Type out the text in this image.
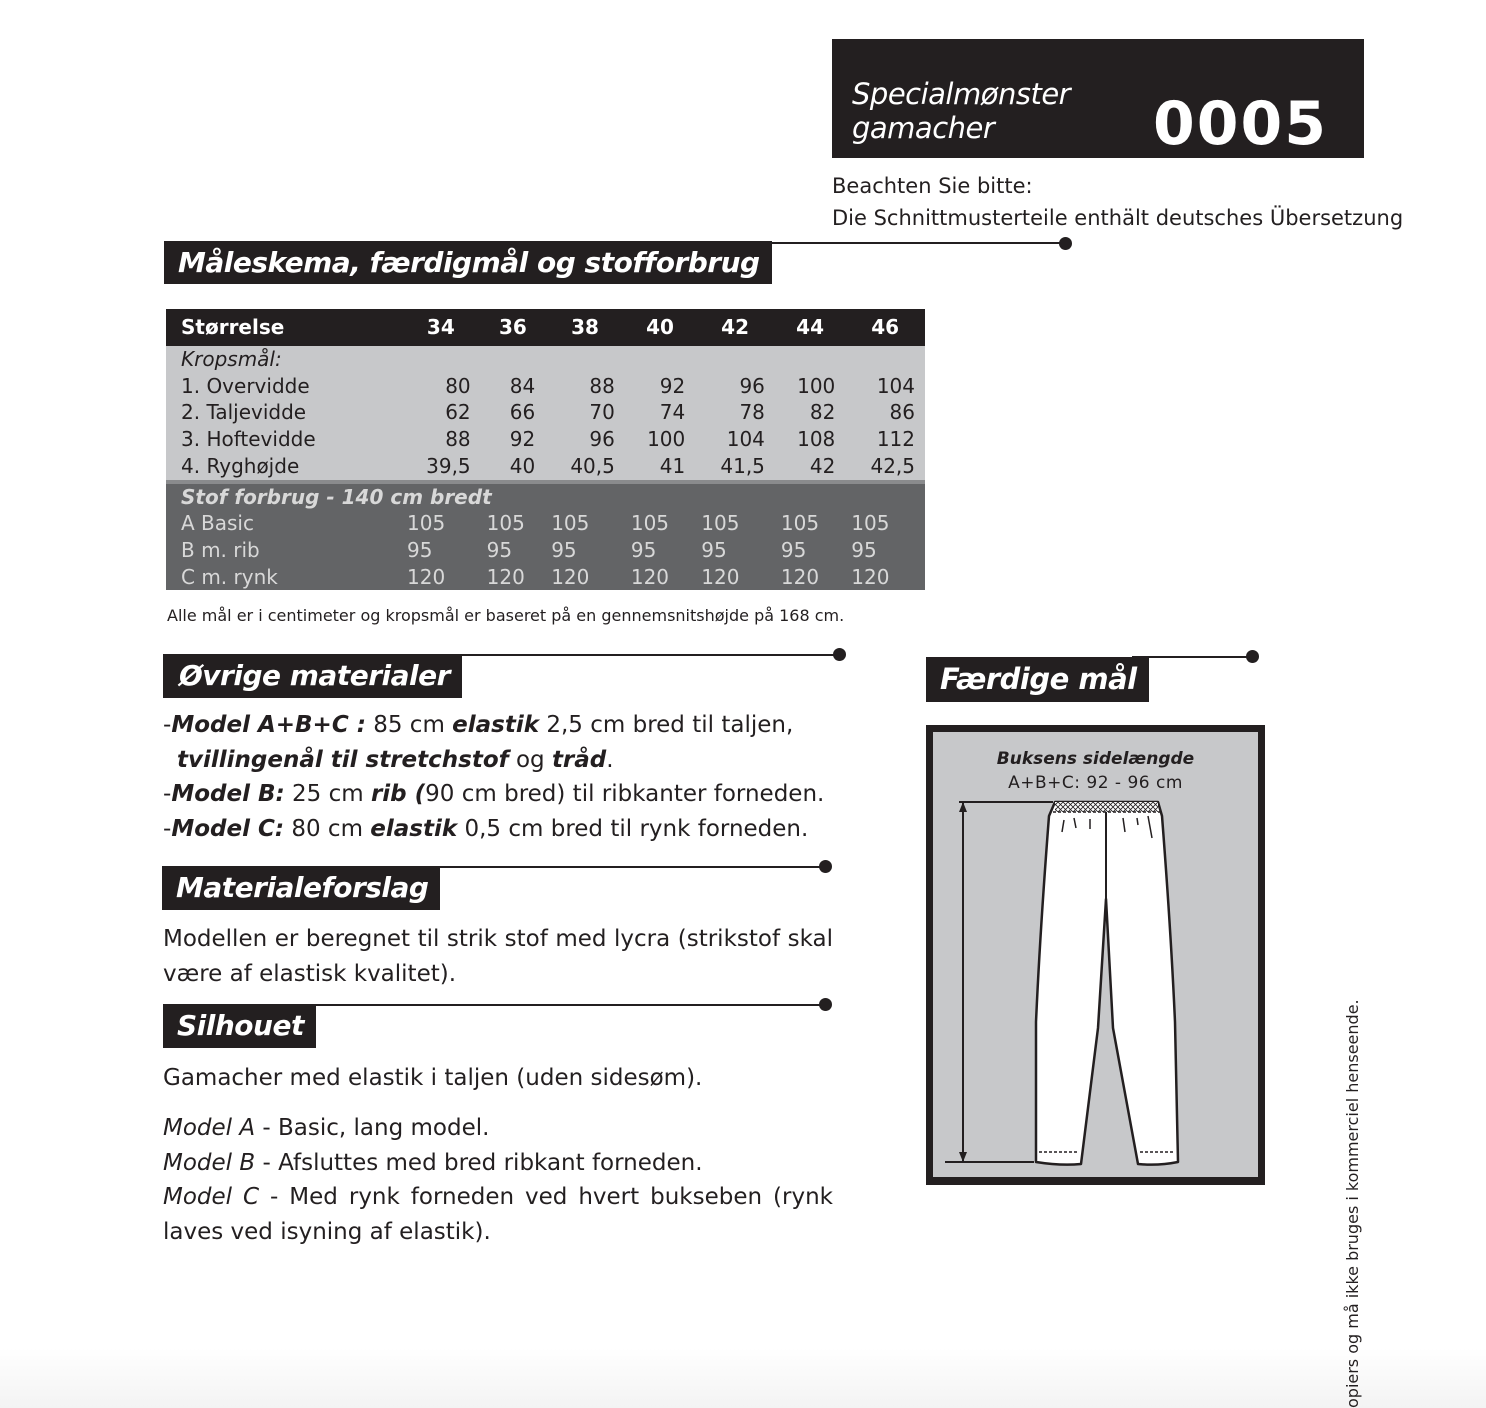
Specialmønster
gamacher	0005
Beachten Sie bitte:
Die Schnittmusterteile enthält deutsches Übersetzung
Måleskema, færdigmål og stofforbrug
Størrelse	34	36	38	40	42	44	46
Kropsmål:							
1. Overvidde	80	84	88	92	96	100	104
2. Taljevidde	62	66	70	74	78	82	86
3. Hoftevidde	88	92	96	100	104	108	112
4. Ryghøjde	39,5	40	40,5	41	41,5	42	42,5

Stof forbrug - 140 cm bredt							
A Basic	105	105	105	105	105	105	105
B m. rib	95	95	95	95	95	95	95
C m. rynk	120	120	120	120	120	120	120
Alle mål er i centimeter og kropsmål er baseret på en gennemsnitshøjde på 168 cm.
Øvrige materialer
-Model A+B+C : 85 cm elastik 2,5 cm bred til taljen,
tvillingenål til stretchstof og tråd.
-Model B: 25 cm rib (90 cm bred) til ribkanter forneden.
-Model C: 80 cm elastik 0,5 cm bred til rynk forneden.
Materialeforslag
Modellen er beregnet til strik stof med lycra (strikstof skal være af elastisk kvalitet).
Silhouet
Gamacher med elastik i taljen (uden sidesøm).
Model A - Basic, lang model.
Model B - Afsluttes med bred ribkant forneden.
Model C - Med rynk forneden ved hvert bukseben (rynk laves ved isyning af elastik).
Færdige mål
Buksens sidelængde
A+B+C: 92 - 96 cm
opiers og må ikke bruges i kommerciel henseende.
